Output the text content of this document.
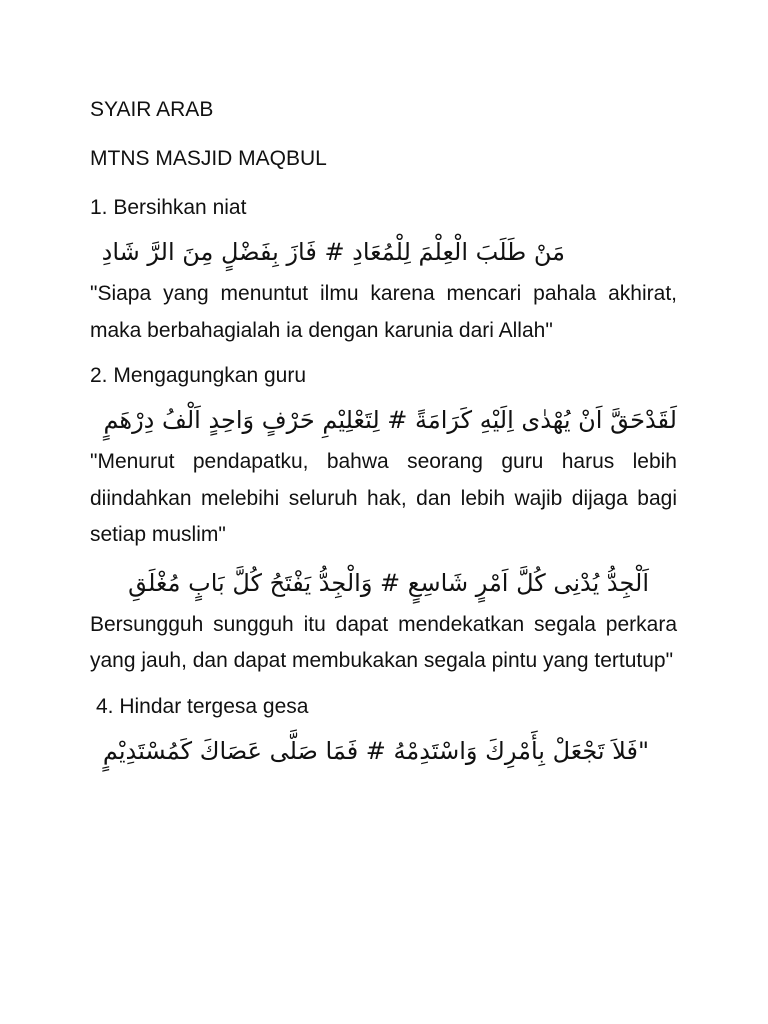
SYAIR ARAB

MTNS MASJID MAQBUL

1. Bersihkan niat

مَنْ طَلَبَ الْعِلْمَ لِلْمُعَادِ # فَازَ بِفَضْلٍ مِنَ الرَّ شَادِ

"Siapa yang menuntut ilmu karena mencari pahala akhirat, maka berbahagialah ia dengan karunia dari Allah"

2. Mengagungkan guru

لَقَدْحَقَّ اَنْ يُهْدٰى اِلَيْهِ كَرَامَةً # لِتَعْلِيْمِ حَرْفٍ وَاحِدٍ اَلْفُ دِرْهَمٍ

"Menurut pendapatku, bahwa seorang guru harus lebih diindahkan melebihi seluruh hak, dan lebih wajib dijaga bagi setiap muslim"

اَلْجِدُّ يُدْنِى كُلَّ اَمْرٍ شَاسِعٍ # وَالْجِدُّ يَفْتَحُ كُلَّ بَابٍ مُغْلَقِ

Bersungguh sungguh itu dapat mendekatkan segala perkara yang jauh, dan dapat membukakan segala pintu yang tertutup"

4. Hindar tergesa gesa

"فَلاَ تَجْعَلْ بِأَمْرِكَ وَاسْتَدِمْهُ # فَمَا صَلَّى عَصَاكَ كَمُسْتَدِيْمٍ
